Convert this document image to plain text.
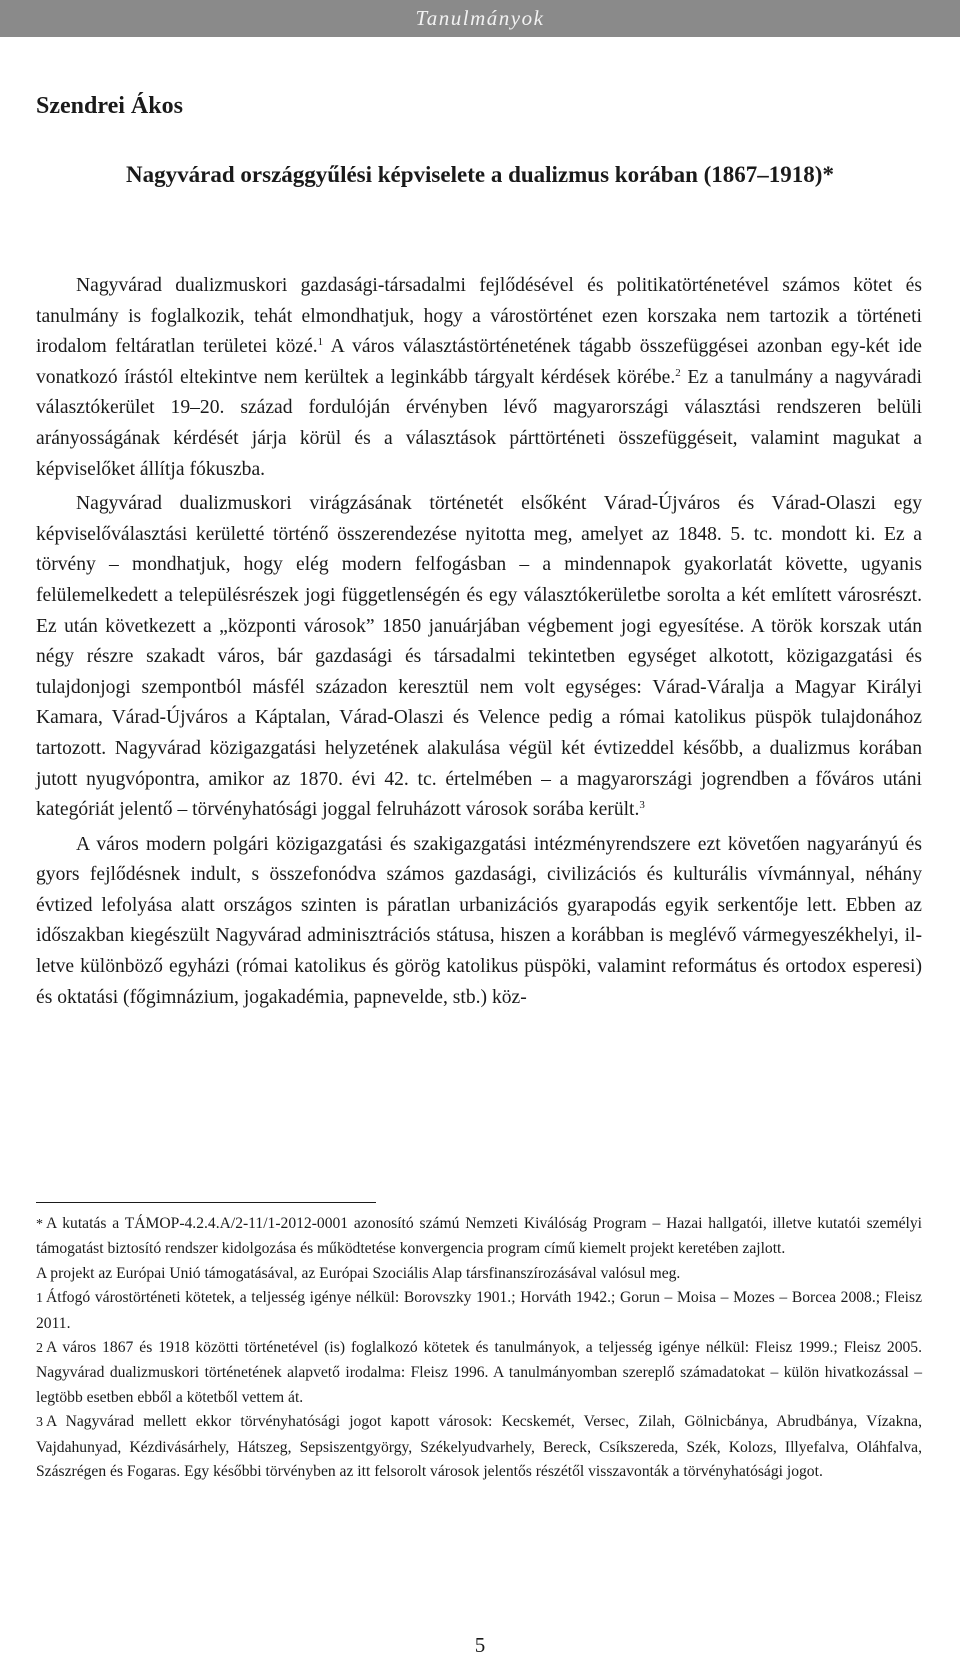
Tanulmányok
Szendrei Ákos
Nagyvárad országgyűlési képviselete a dualizmus korában (1867–1918)*

Nagyvárad dualizmuskori gazdasági-társadalmi fejlődésével és politikatörténetével számos kötet és tanulmány is foglalkozik, tehát elmondhatjuk, hogy a várostörténet ezen korszaka nem tartozik a történeti irodalom feltáratlan területei közé.$^1$ A város választástörténetének tágabb összefüggései azonban egy-két ide vonatkozó írástól eltekintve nem kerültek a leginkább tárgyalt kérdések körébe.$^2$ Ez a tanulmány a nagyváradi választókerület 19–20. század fordulóján érvényben lévő magyarországi választási rendszeren belüli arányosságának kérdését járja körül és a választások párttörténeti összefüggéseit, valamint magukat a képviselőket állítja fókuszba.

Nagyvárad dualizmuskori virágzásának történetét elsőként Várad-Újváros és Várad-Olaszi egy képviselőválasztási kerületté történő összerendezése nyitotta meg, amelyet az 1848. 5. tc. mondott ki. Ez a törvény – mondhatjuk, hogy elég modern felfogásban – a mindennapok gyakorlatát követte, ugyanis felülemelkedett a településrészek jogi függetlenségén és egy választókerületbe sorolta a két említett városrészt. Ez után következett a „központi városok” 1850 januárjában végbement jogi egyesítése. A török korszak után négy részre szakadt város, bár gazdasági és társadalmi tekintetben egységet alkotott, közigazgatási és tulajdonjogi szempontból másfél századon keresztül nem volt egységes: Várad-Váralja a Magyar Királyi Kamara, Várad-Újváros a Káptalan, Várad-Olaszi és Velence pedig a római katolikus püspök tulajdonához tartozott. Nagyvárad közigazgatási helyzetének alakulása végül két évtizeddel később, a dualizmus korában jutott nyugvópontra, amikor az 1870. évi 42. tc. értelmében – a magyarországi jogrendben a főváros utáni kategóriát jelentő – törvényhatósági joggal felruházott városok sorába került.$^3$

A város modern polgári közigazgatási és szakigazgatási intézményrendszere ezt követően nagyarányú és gyors fejlődésnek indult, s összefonódva számos gazdasági, civilizációs és kulturális vívmánnyal, néhány évtized lefolyása alatt országos szinten is páratlan urbanizációs gyarapodás egyik serkentője lett. Ebben az időszakban kiegészült Nagyvárad adminisztrációs státusa, hiszen a korábban is meglévő vármegyeszékhelyi, illetve különböző egyházi (római katolikus és görög katolikus püspöki, valamint református és ortodox esperesi) és oktatási (főgimnázium, jogakadémia, papnevelde, stb.) köz-

* A kutatás a TÁMOP-4.2.4.A/2-11/1-2012-0001 azonosító számú Nemzeti Kiválóság Program – Hazai hallgatói, illetve kutatói személyi támogatást biztosító rendszer kidolgozása és működtetése konvergencia program című kiemelt projekt keretében zajlott.

A projekt az Európai Unió támogatásával, az Európai Szociális Alap társfinanszírozásával valósul meg.

1 Átfogó várostörténeti kötetek, a teljesség igénye nélkül: Borovszky 1901.; Horváth 1942.; Gorun – Moisa – Mozes – Borcea 2008.; Fleisz 2011.

2 A város 1867 és 1918 közötti történetével (is) foglalkozó kötetek és tanulmányok, a teljesség igénye nélkül: Fleisz 1999.; Fleisz 2005. Nagyvárad dualizmuskori történetének alapvető irodalma: Fleisz 1996. A tanulmányomban szereplő számadatokat – külön hivatkozással – legtöbb esetben ebből a kötetből vettem át.

3 A Nagyvárad mellett ekkor törvényhatósági jogot kapott városok: Kecskemét, Versec, Zilah, Gölnicbánya, Abrudbánya, Vízakna, Vajdahunyad, Kézdivásárhely, Hátszeg, Sepsiszentgyörgy, Székelyudvarhely, Bereck, Csíkszereda, Szék, Kolozs, Illyefalva, Oláhfalva, Szászrégen és Fogaras. Egy későbbi törvényben az itt felsorolt városok jelentős részétől visszavonták a törvényhatósági jogot.

5
